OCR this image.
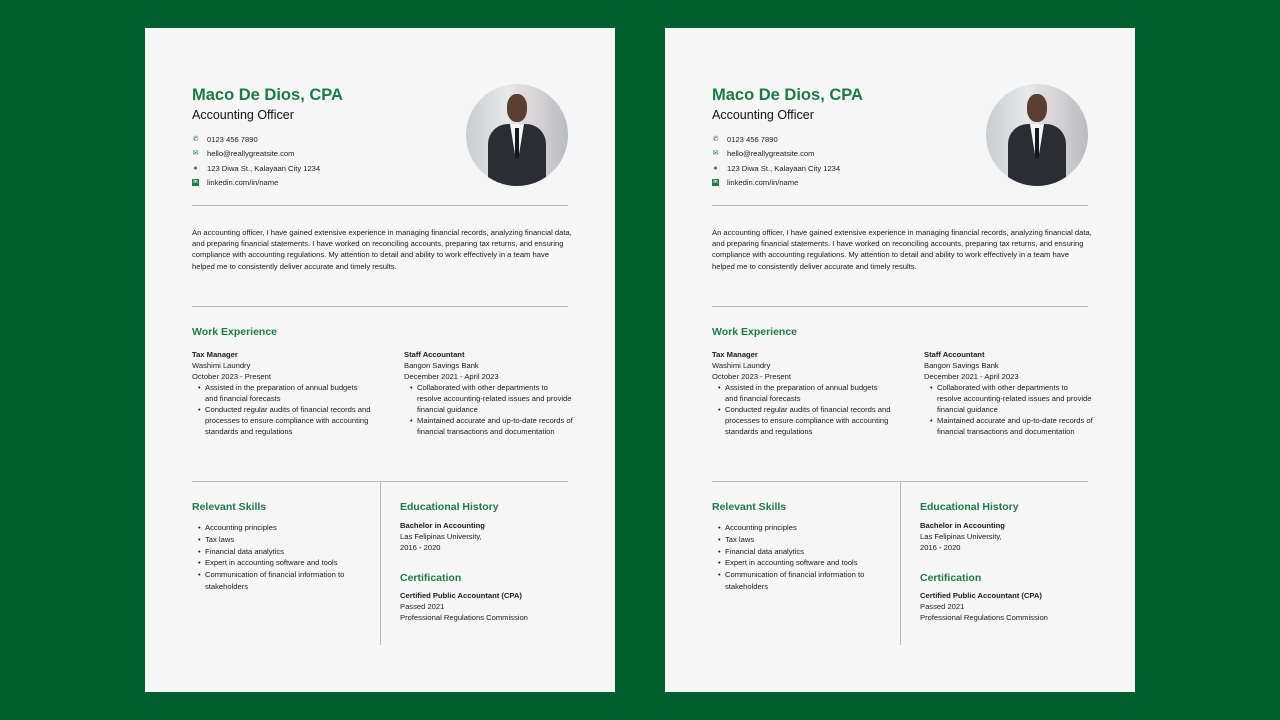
Maco De Dios, CPA
Accounting Officer
✆ 0123 456 7890
✉ hello@reallygreatsite.com
● 123 Diwa St., Kalayaan City 1234
in linkedin.com/in/name
An accounting officer, I have gained extensive experience in managing financial records, analyzing financial data, and preparing financial statements. I have worked on reconciling accounts, preparing tax returns, and ensuring compliance with accounting regulations. My attention to detail and ability to work effectively in a team have helped me to consistently deliver accurate and timely results.
Work Experience
Tax Manager
Washimi Laundry
October 2023 - Present
• Assisted in the preparation of annual budgets and financial forecasts
• Conducted regular audits of financial records and processes to ensure compliance with accounting standards and regulations
Staff Accountant
Bangon Savings Bank
December 2021 - April 2023
• Collaborated with other departments to resolve accounting-related issues and provide financial guidance
• Maintained accurate and up-to-date records of financial transactions and documentation
Relevant Skills
• Accounting principles
• Tax laws
• Financial data analytics
• Expert in accounting software and tools
• Communication of financial information to stakeholders
Educational History
Bachelor in Accounting
Las Felipinas University,
2016 - 2020
Certification
Certified Public Accountant (CPA)
Passed 2021
Professional Regulations Commission
Maco De Dios, CPA
Accounting Officer
✆ 0123 456 7890
✉ hello@reallygreatsite.com
● 123 Diwa St., Kalayaan City 1234
in linkedin.com/in/name
An accounting officer, I have gained extensive experience in managing financial records, analyzing financial data, and preparing financial statements. I have worked on reconciling accounts, preparing tax returns, and ensuring compliance with accounting regulations. My attention to detail and ability to work effectively in a team have helped me to consistently deliver accurate and timely results.
Work Experience
Tax Manager
Washimi Laundry
October 2023 - Present
• Assisted in the preparation of annual budgets and financial forecasts
• Conducted regular audits of financial records and processes to ensure compliance with accounting standards and regulations
Staff Accountant
Bangon Savings Bank
December 2021 - April 2023
• Collaborated with other departments to resolve accounting-related issues and provide financial guidance
• Maintained accurate and up-to-date records of financial transactions and documentation
Relevant Skills
• Accounting principles
• Tax laws
• Financial data analytics
• Expert in accounting software and tools
• Communication of financial information to stakeholders
Educational History
Bachelor in Accounting
Las Felipinas University,
2016 - 2020
Certification
Certified Public Accountant (CPA)
Passed 2021
Professional Regulations Commission
